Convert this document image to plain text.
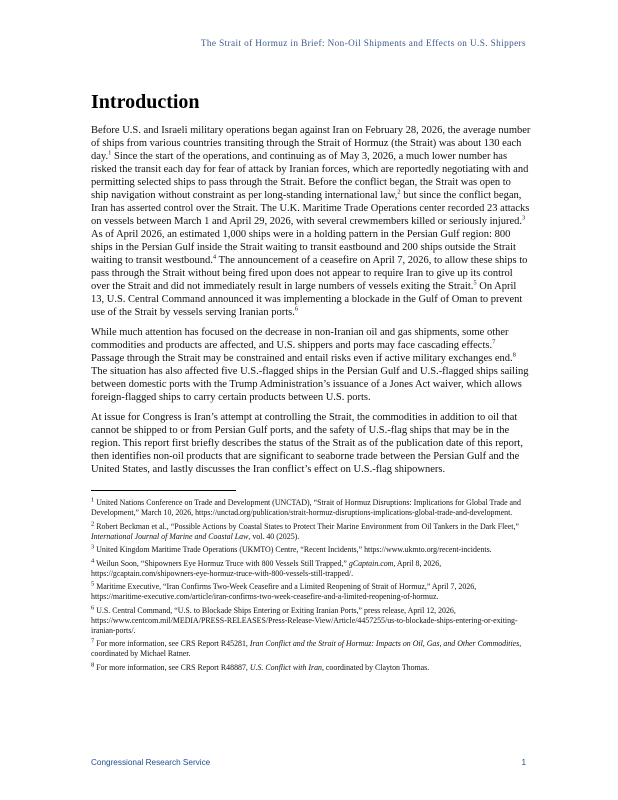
The Strait of Hormuz in Brief: Non-Oil Shipments and Effects on U.S. Shippers
Introduction

Before U.S. and Israeli military operations began against Iran on February 28, 2026, the average number of ships from various countries transiting through the Strait of Hormuz (the Strait) was about 130 each day.$^1$ Since the start of the operations, and continuing as of May 3, 2026, a much lower number has risked the transit each day for fear of attack by Iranian forces, which are reportedly negotiating with and permitting selected ships to pass through the Strait. Before the conflict began, the Strait was open to ship navigation without constraint as per long-standing international law,$^2$ but since the conflict began, Iran has asserted control over the Strait. The U.K. Maritime Trade Operations center recorded 23 attacks on vessels between March 1 and April 29, 2026, with several crewmembers killed or seriously injured.$^3$ As of April 2026, an estimated 1,000 ships were in a holding pattern in the Persian Gulf region: 800 ships in the Persian Gulf inside the Strait waiting to transit eastbound and 200 ships outside the Strait waiting to transit westbound.$^4$ The announcement of a ceasefire on April 7, 2026, to allow these ships to pass through the Strait without being fired upon does not appear to require Iran to give up its control over the Strait and did not immediately result in large numbers of vessels exiting the Strait.$^5$ On April 13, U.S. Central Command announced it was implementing a blockade in the Gulf of Oman to prevent use of the Strait by vessels serving Iranian ports.$^6$

While much attention has focused on the decrease in non-Iranian oil and gas shipments, some other commodities and products are affected, and U.S. shippers and ports may face cascading effects.$^7$ Passage through the Strait may be constrained and entail risks even if active military exchanges end.$^8$ The situation has also affected five U.S.-flagged ships in the Persian Gulf and U.S.-flagged ships sailing between domestic ports with the Trump Administration’s issuance of a Jones Act waiver, which allows foreign-flagged ships to carry certain products between U.S. ports.

At issue for Congress is Iran’s attempt at controlling the Strait, the commodities in addition to oil that cannot be shipped to or from Persian Gulf ports, and the safety of U.S.-flag ships that may be in the region. This report first briefly describes the status of the Strait as of the publication date of this report, then identifies non-oil products that are significant to seaborne trade between the Persian Gulf and the United States, and lastly discusses the Iran conflict’s effect on U.S.-flag shipowners.

$^1$ United Nations Conference on Trade and Development (UNCTAD), “Strait of Hormuz Disruptions: Implications for Global Trade and Development,” March 10, 2026, https://unctad.org/publication/strait-hormuz-disruptions-implications-global-trade-and-development.

$^2$ Robert Beckman et al., “Possible Actions by Coastal States to Protect Their Marine Environment from Oil Tankers in the Dark Fleet,” International Journal of Marine and Coastal Law, vol. 40 (2025).

$^3$ United Kingdom Maritime Trade Operations (UKMTO) Centre, “Recent Incidents,” https://www.ukmto.org/recent-incidents.

$^4$ Weilun Soon, “Shipowners Eye Hormuz Truce with 800 Vessels Still Trapped,” gCaptain.com, April 8, 2026, https://gcaptain.com/shipowners-eye-hormuz-truce-with-800-vessels-still-trapped/.

$^5$ Maritime Executive, “Iran Confirms Two-Week Ceasefire and a Limited Reopening of Strait of Hormuz,” April 7, 2026, https://maritime-executive.com/article/iran-confirms-two-week-ceasefire-and-a-limited-reopening-of-hormuz.

$^6$ U.S. Central Command, “U.S. to Blockade Ships Entering or Exiting Iranian Ports,” press release, April 12, 2026, https://www.centcom.mil/MEDIA/PRESS-RELEASES/Press-Release-View/Article/4457255/us-to-blockade-ships-entering-or-exiting-iranian-ports/.

$^7$ For more information, see CRS Report R45281, Iran Conflict and the Strait of Hormuz: Impacts on Oil, Gas, and Other Commodities, coordinated by Michael Ratner.

$^8$ For more information, see CRS Report R48887, U.S. Conflict with Iran, coordinated by Clayton Thomas.

Congressional Research Service	1
